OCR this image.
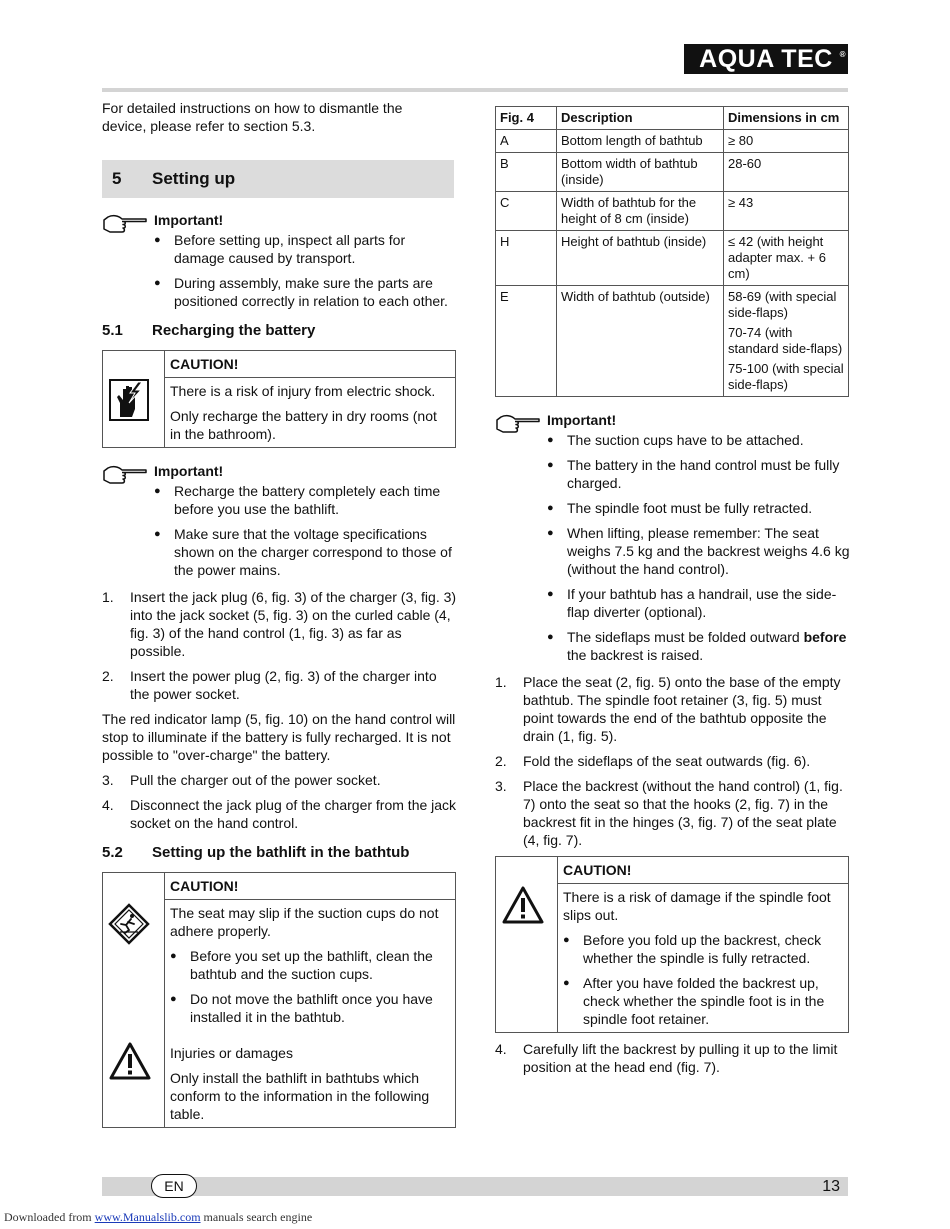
AQUA TEC ®

For detailed instructions on how to dismantle the device, please refer to section 5.3.

5 Setting up
Important!
● Before setting up, inspect all parts for damage caused by transport.
● During assembly, make sure the parts are positioned correctly in relation to each other.
5.1 Recharging the battery
CAUTION!

There is a risk of injury from electric shock.

Only recharge the battery in dry rooms (not in the bathroom).

Important!
● Recharge the battery completely each time before you use the bathlift.
● Make sure that the voltage specifications shown on the charger correspond to those of the power mains.
1. Insert the jack plug (6, fig. 3) of the charger (3, fig. 3) into the jack socket (5, fig. 3) on the curled cable (4, fig. 3) of the hand control (1, fig. 3) as far as possible.
2. Insert the power plug (2, fig. 3) of the charger into the power socket.

The red indicator lamp (5, fig. 10) on the hand control will stop to illuminate if the battery is fully recharged. It is not possible to "over-charge" the battery.

3. Pull the charger out of the power socket.
4. Disconnect the jack plug of the charger from the jack socket on the hand control.
5.2 Setting up the bathlift in the bathtub
CAUTION!

The seat may slip if the suction cups do not adhere properly.

● Before you set up the bathlift, clean the bathtub and the suction cups.
● Do not move the bathlift once you have installed it in the bathtub.

Injuries or damages

Only install the bathlift in bathtubs which conform to the information in the following table.

Fig. 4	Description	Dimensions in cm
A	Bottom length of bathtub	≥ 80
B	Bottom width of bathtub (inside)	28-60
C	Width of bathtub for the height of 8 cm (inside)	≥ 43
H	Height of bathtub (inside)	≤ 42 (with height adapter max. + 6 cm)
E	Width of bathtub (outside)	58-69 (with special side-flaps)
70-74 (with standard side-flaps)
75-100 (with special side-flaps)
Important!
● The suction cups have to be attached.
● The battery in the hand control must be fully charged.
● The spindle foot must be fully retracted.
● When lifting, please remember: The seat weighs 7.5 kg and the backrest weighs 4.6 kg (without the hand control).
● If your bathtub has a handrail, use the side-flap diverter (optional).
● The sideflaps must be folded outward before the backrest is raised.
1. Place the seat (2, fig. 5) onto the base of the empty bathtub. The spindle foot retainer (3, fig. 5) must point towards the end of the bathtub opposite the drain (1, fig. 5).
2. Fold the sideflaps of the seat outwards (fig. 6).
3. Place the backrest (without the hand control) (1, fig. 7) onto the seat so that the hooks (2, fig. 7) in the backrest fit in the hinges (3, fig. 7) of the seat plate (4, fig. 7).
CAUTION!

There is a risk of damage if the spindle foot slips out.

● Before you fold up the backrest, check whether the spindle is fully retracted.
● After you have folded the backrest up, check whether the spindle foot is in the spindle foot retainer.
4. Carefully lift the backrest by pulling it up to the limit position at the head end (fig. 7).
EN	13
Downloaded from www.Manualslib.com manuals search engine
